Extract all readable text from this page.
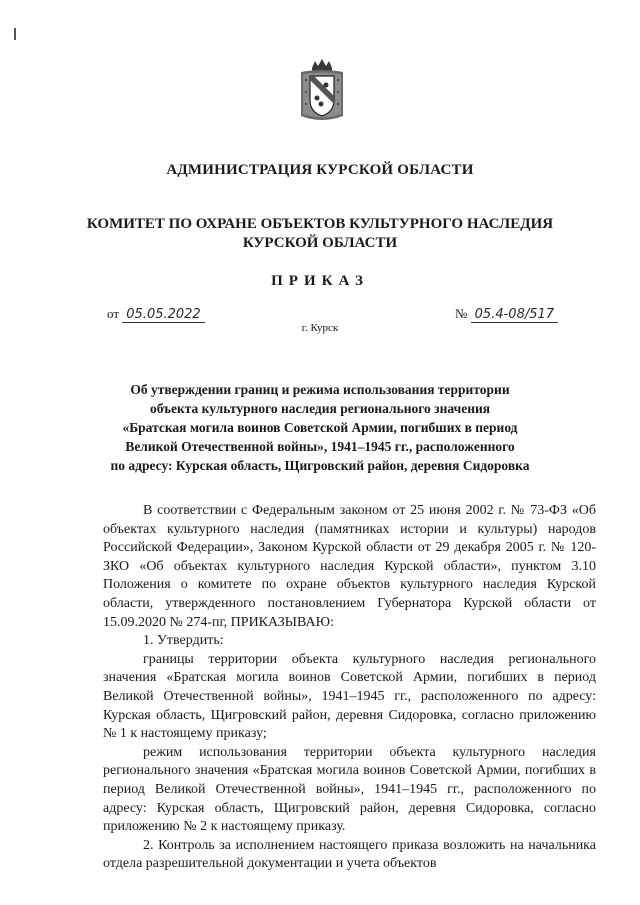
АДМИНИСТРАЦИЯ КУРСКОЙ ОБЛАСТИ
КОМИТЕТ ПО ОХРАНЕ ОБЪЕКТОВ КУЛЬТУРНОГО НАСЛЕДИЯ
КУРСКОЙ ОБЛАСТИ
ПРИКАЗ
от 05.05.2022	№ 05.4-08/517
г. Курск
Об утверждении границ и режима использования территории
объекта культурного наследия регионального значения
«Братская могила воинов Советской Армии, погибших в период
Великой Отечественной войны», 1941–1945 гг., расположенного
по адресу: Курская область, Щигровский район, деревня Сидоровка

В соответствии с Федеральным законом от 25 июня 2002 г. № 73-ФЗ «Об объектах культурного наследия (памятниках истории и культуры) народов Российской Федерации», Законом Курской области от 29 декабря 2005 г. № 120-ЗКО «Об объектах культурного наследия Курской области», пунктом 3.10 Положения о комитете по охране объектов культурного наследия Курской области, утвержденного постановлением Губернатора Курской области от 15.09.2020 № 274-пг, ПРИКАЗЫВАЮ:

1. Утвердить:

границы территории объекта культурного наследия регионального значения «Братская могила воинов Советской Армии, погибших в период Великой Отечественной войны», 1941–1945 гг., расположенного по адресу: Курская область, Щигровский район, деревня Сидоровка, согласно приложению № 1 к настоящему приказу;

режим использования территории объекта культурного наследия регионального значения «Братская могила воинов Советской Армии, погибших в период Великой Отечественной войны», 1941–1945 гг., расположенного по адресу: Курская область, Щигровский район, деревня Сидоровка, согласно приложению № 2 к настоящему приказу.

2. Контроль за исполнением настоящего приказа возложить на начальника отдела разрешительной документации и учета объектов
